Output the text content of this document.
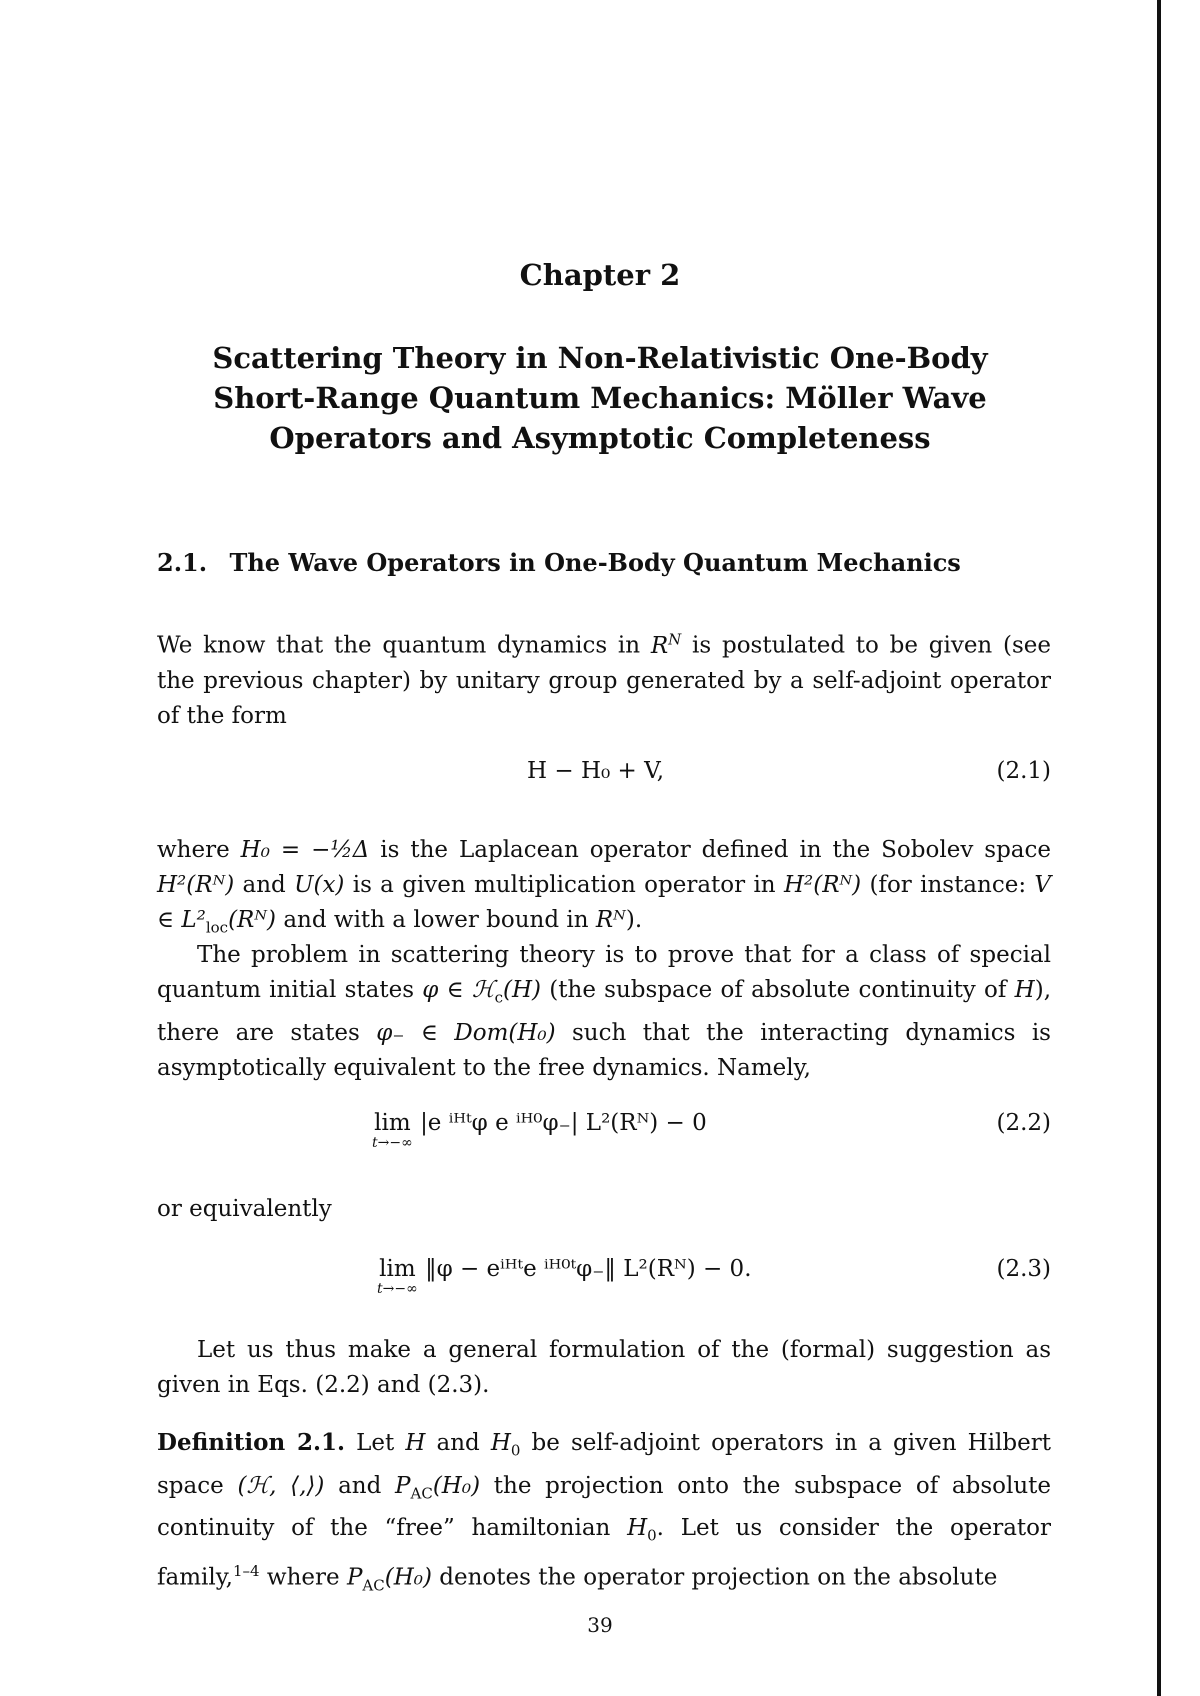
Chapter 2
Scattering Theory in Non-Relativistic One-Body
Short-Range Quantum Mechanics: Möller Wave
Operators and Asymptotic Completeness
2.1. The Wave Operators in One-Body Quantum Mechanics

We know that the quantum dynamics in $R^N$ is postulated to be given (see the previous chapter) by unitary group generated by a self-adjoint operator of the form

H − H₀ + V,	(2.1)

where H₀ = −½Δ is the Laplacean operator defined in the Sobolev space H²(Rᴺ) and U(x) is a given multiplication operator in H²(Rᴺ) (for instance: V ∈ $L^2_{loc}(Rᴺ)$ and with a lower bound in Rᴺ).

The problem in scattering theory is to prove that for a class of special quantum initial states φ ∈ ℋ$_c$(H) (the subspace of absolute continuity of H), there are states φ₋ ∈ Dom(H₀) such that the interacting dynamics is asymptotically equivalent to the free dynamics. Namely,

lim
t→−∞
|e ⁱᴴᵗφ e ⁱᴴ⁰φ₋| L²(Rᴺ) − 0	(2.2)

or equivalently

lim
t→−∞
‖φ − eⁱᴴᵗe ⁱᴴ⁰ᵗφ₋‖ L²(Rᴺ) − 0.	(2.3)

Let us thus make a general formulation of the (formal) suggestion as given in Eqs. (2.2) and (2.3).

Definition 2.1. Let H and $H_0$ be self-adjoint operators in a given Hilbert space (ℋ, ⟨,⟩) and $P_{AC}(H_0)$ the projection onto the subspace of absolute continuity of the “free” hamiltonian $H_0$. Let us consider the operator family,$^{1-4}$ where $P_{AC}(H_0)$ denotes the operator projection on the absolute

39
